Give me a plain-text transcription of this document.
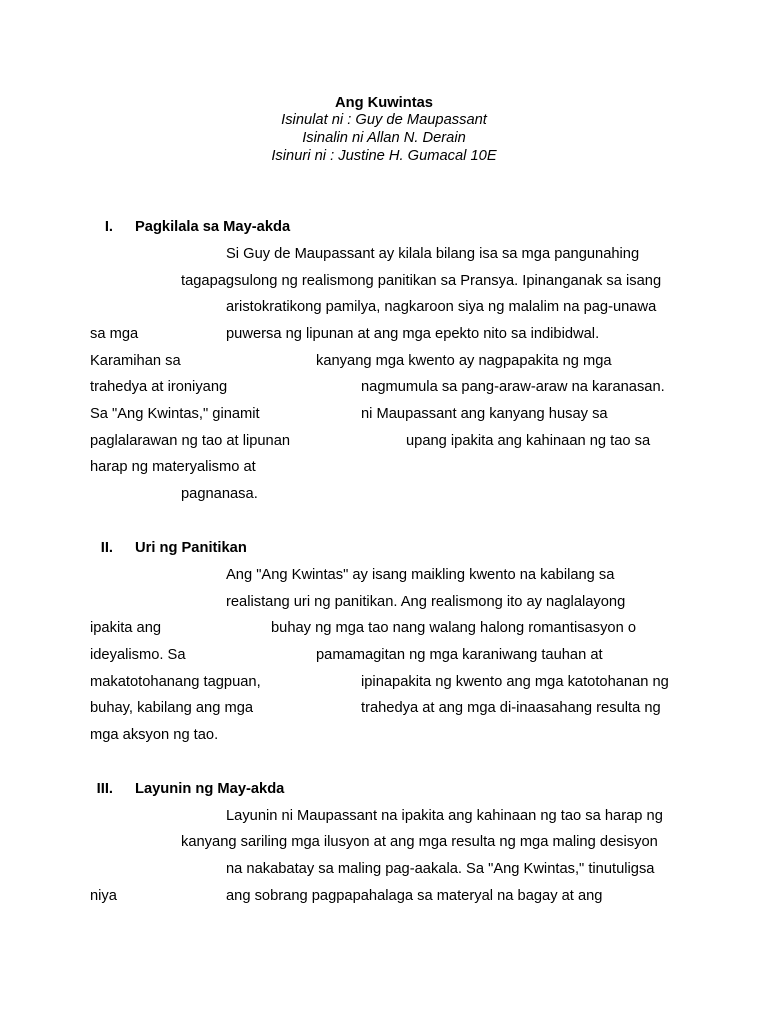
Ang Kuwintas
Isinulat ni : Guy de Maupassant
Isinalin ni Allan N. Derain
Isinuri ni : Justine H. Gumacal 10E
I. Pagkilala sa May-akda
Si Guy de Maupassant ay kilala bilang isa sa mga pangunahing
tagapagsulong ng realismong panitikan sa Pransya. Ipinanganak sa isang
aristokratikong pamilya, nagkaroon siya ng malalim na pag-unawa
sa mga	puwersa ng lipunan at ang mga epekto nito sa indibidwal.
Karamihan sa	kanyang mga kwento ay nagpapakita ng mga
trahedya at ironiyang	nagmumula sa pang-araw-araw na karanasan.
Sa "Ang Kwintas," ginamit	ni Maupassant ang kanyang husay sa
paglalarawan ng tao at lipunan	upang ipakita ang kahinaan ng tao sa
harap ng materyalismo at
pagnanasa.
II. Uri ng Panitikan
Ang "Ang Kwintas" ay isang maikling kwento na kabilang sa
realistang uri ng panitikan. Ang realismong ito ay naglalayong
ipakita ang	buhay ng mga tao nang walang halong romantisasyon o
ideyalismo. Sa	pamamagitan ng mga karaniwang tauhan at
makatotohanang tagpuan,	ipinapakita ng kwento ang mga katotohanan ng
buhay, kabilang ang mga	trahedya at ang mga di-inaasahang resulta ng
mga aksyon ng tao.
III. Layunin ng May-akda
Layunin ni Maupassant na ipakita ang kahinaan ng tao sa harap ng
kanyang sariling mga ilusyon at ang mga resulta ng mga maling desisyon
na nakabatay sa maling pag-aakala. Sa "Ang Kwintas," tinutuligsa
niya	ang sobrang pagpapahalaga sa materyal na bagay at ang
